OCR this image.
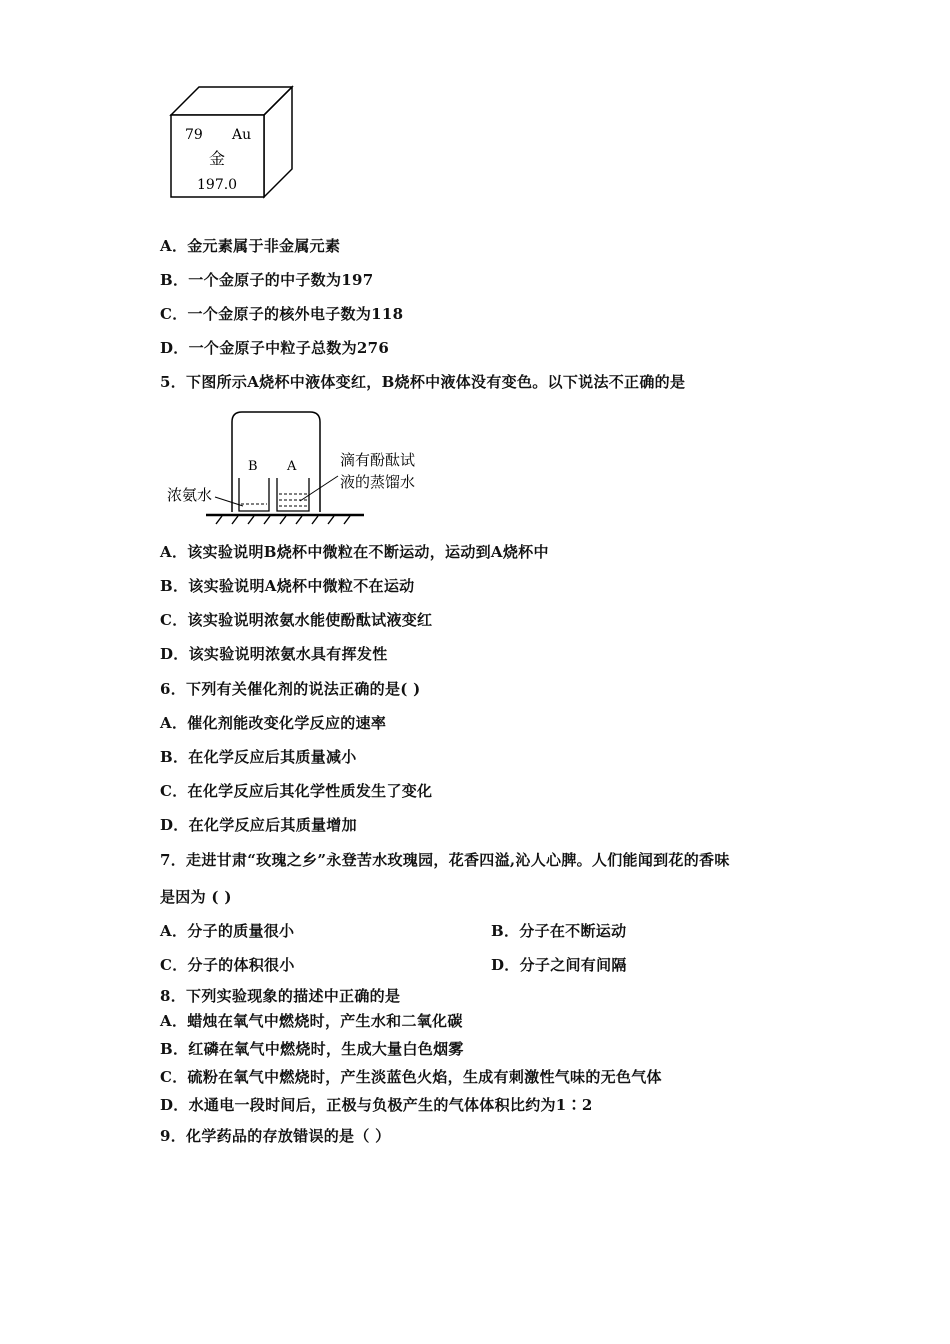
79 Au
金
197.0
A．金元素属于非金属元素
B．一个金原子的中子数为197
C．一个金原子的核外电子数为118
D．一个金原子中粒子总数为276
5．下图所示A烧杯中液体变红，B烧杯中液体没有变色。以下说法不正确的是
B A	滴有酚酞试
液的蒸馏水
浓氨水
A．该实验说明B烧杯中微粒在不断运动，运动到A烧杯中
B．该实验说明A烧杯中微粒不在运动
C．该实验说明浓氨水能使酚酞试液变红
D．该实验说明浓氨水具有挥发性
6．下列有关催化剂的说法正确的是( )
A．催化剂能改变化学反应的速率
B．在化学反应后其质量减小
C．在化学反应后其化学性质发生了变化
D．在化学反应后其质量增加
7．走进甘肃“玫瑰之乡”永登苦水玫瑰园，花香四溢,沁人心脾。人们能闻到花的香味
是因为 ( )
A．分子的质量很小	B．分子在不断运动
C．分子的体积很小	D．分子之间有间隔
8．下列实验现象的描述中正确的是
A．蜡烛在氧气中燃烧时，产生水和二氧化碳
B．红磷在氧气中燃烧时，生成大量白色烟雾
C．硫粉在氧气中燃烧时，产生淡蓝色火焰，生成有刺激性气味的无色气体
D．水通电一段时间后，正极与负极产生的气体体积比约为1∶2
9．化学药品的存放错误的是（ ）
